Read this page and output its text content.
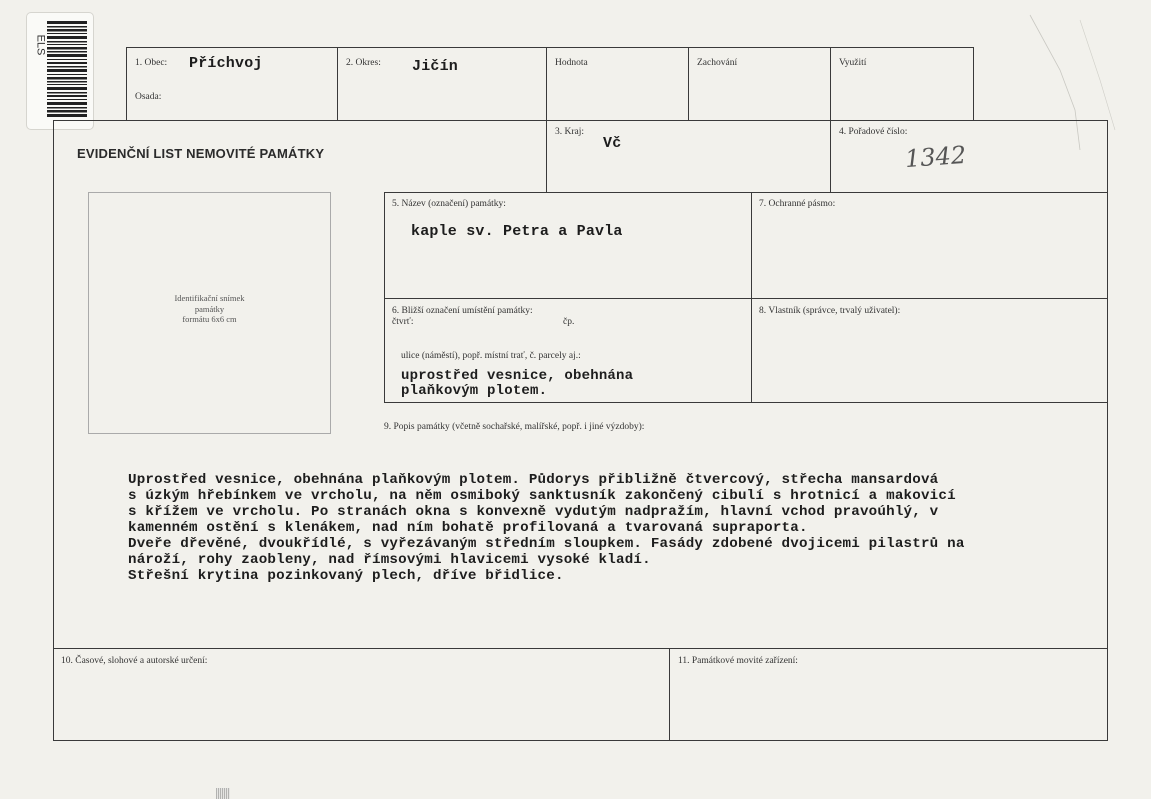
ELS
1. Obec: Příchvoj
Osada:
2. Okres: Jičín	Hodnota	Zachování	Využití
EVIDENČNÍ LIST NEMOVITÉ PAMÁTKY
3. Kraj:
Vč
4. Pořadové číslo:
1342
Identifikační snímek
památky
formátu 6x6 cm
5. Název (označení) památky:
kaple sv. Petra a Pavla
7. Ochranné pásmo:
6. Bližší označení umístění památky:
čtvrť:	čp.
ulice (náměstí), popř. místní trať, č. parcely aj.:
uprostřed vesnice, obehnána
plaňkovým plotem.
8. Vlastník (správce, trvalý uživatel):
9. Popis památky (včetně sochařské, malířské, popř. i jiné výzdoby):
Uprostřed vesnice, obehnána plaňkovým plotem. Půdorys přibližně čtvercový, střecha mansardová
s úzkým hřebínkem ve vrcholu, na něm osmiboký sanktusník zakončený cibulí s hrotnicí a makovicí
s křížem ve vrcholu. Po stranách okna s konvexně vydutým nadpražím, hlavní vchod pravoúhlý, v
kamenném ostění s klenákem, nad ním bohatě profilovaná a tvarovaná supraporta.
Dveře dřevěné, dvoukřídlé, s vyřezávaným středním sloupkem. Fasády zdobené dvojicemi pilastrů na
nároží, rohy zaobleny, nad římsovými hlavicemi vysoké kladí.
Střešní krytina pozinkovaný plech, dříve břidlice.
10. Časové, slohové a autorské určení:	11. Památkové movité zařízení:
